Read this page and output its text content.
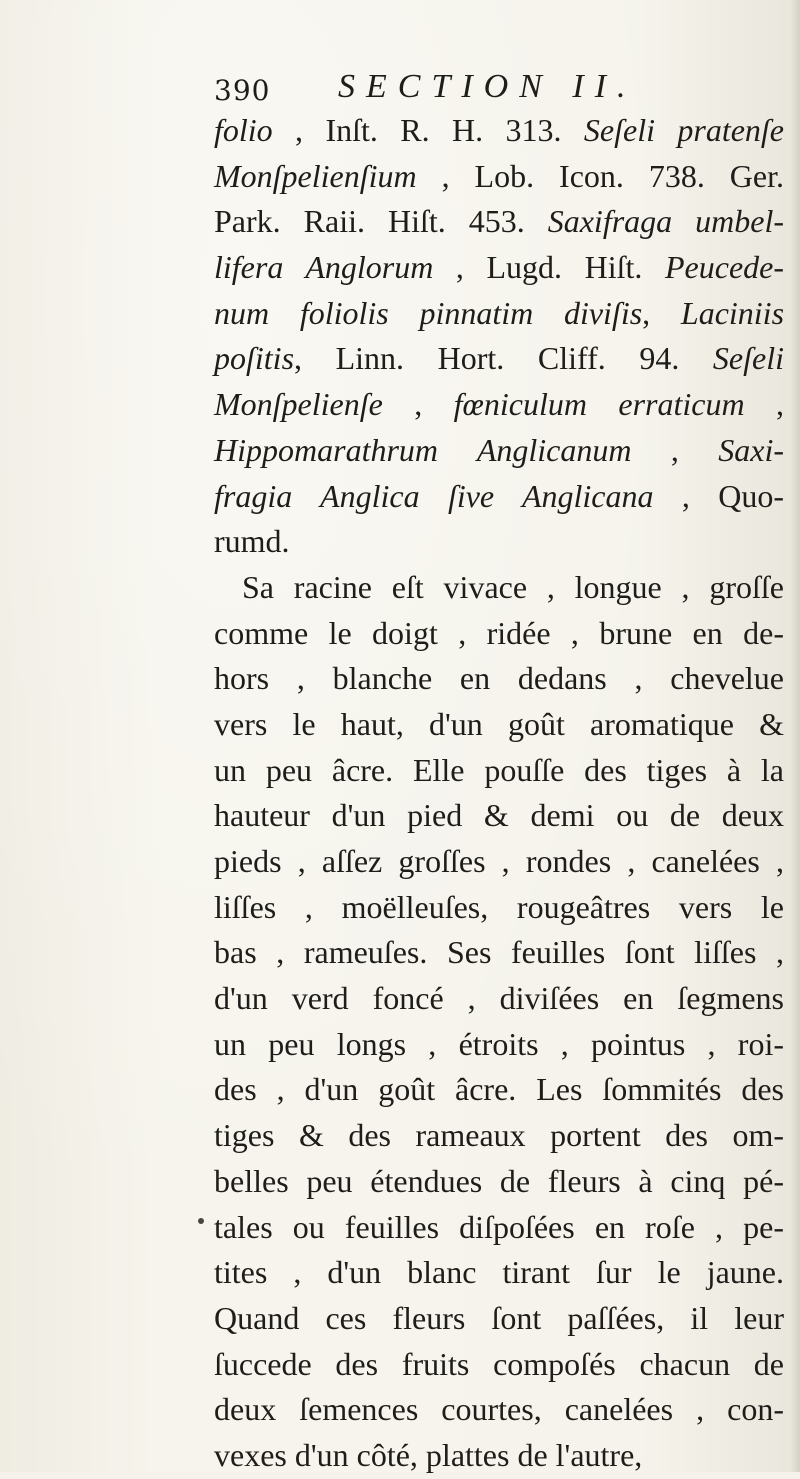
390 SECTION II.
folio , Inſt. R. H. 313. Seſeli pratenſe
Monſpelienſium , Lob. Icon. 738. Ger.
Park. Raii. Hiſt. 453. Saxifraga umbel-
lifera Anglorum , Lugd. Hiſt. Peucede-
num foliolis pinnatim diviſis, Laciniis
poſitis, Linn. Hort. Cliff. 94. Seſeli
Monſpelienſe , fœniculum erraticum ,
Hippomarathrum Anglicanum , Saxi-
fragia Anglica ſive Anglicana , Quo-
rumd.
Sa racine eſt vivace , longue , groſſe
comme le doigt , ridée , brune en de-
hors , blanche en dedans , chevelue
vers le haut, d'un goût aromatique &
un peu âcre. Elle pouſſe des tiges à la
hauteur d'un pied & demi ou de deux
pieds , aſſez groſſes , rondes , canelées ,
liſſes , moëlleuſes, rougeâtres vers le
bas , rameuſes. Ses feuilles ſont liſſes ,
d'un verd foncé , diviſées en ſegmens
un peu longs , étroits , pointus , roi-
des , d'un goût âcre. Les ſommités des
tiges & des rameaux portent des om-
belles peu étendues de fleurs à cinq pé-
tales ou feuilles diſpoſées en roſe , pe-
tites , d'un blanc tirant ſur le jaune.
Quand ces fleurs ſont paſſées, il leur
ſuccede des fruits compoſés chacun de
deux ſemences courtes, canelées , con-
vexes d'un côté, plattes de l'autre,
